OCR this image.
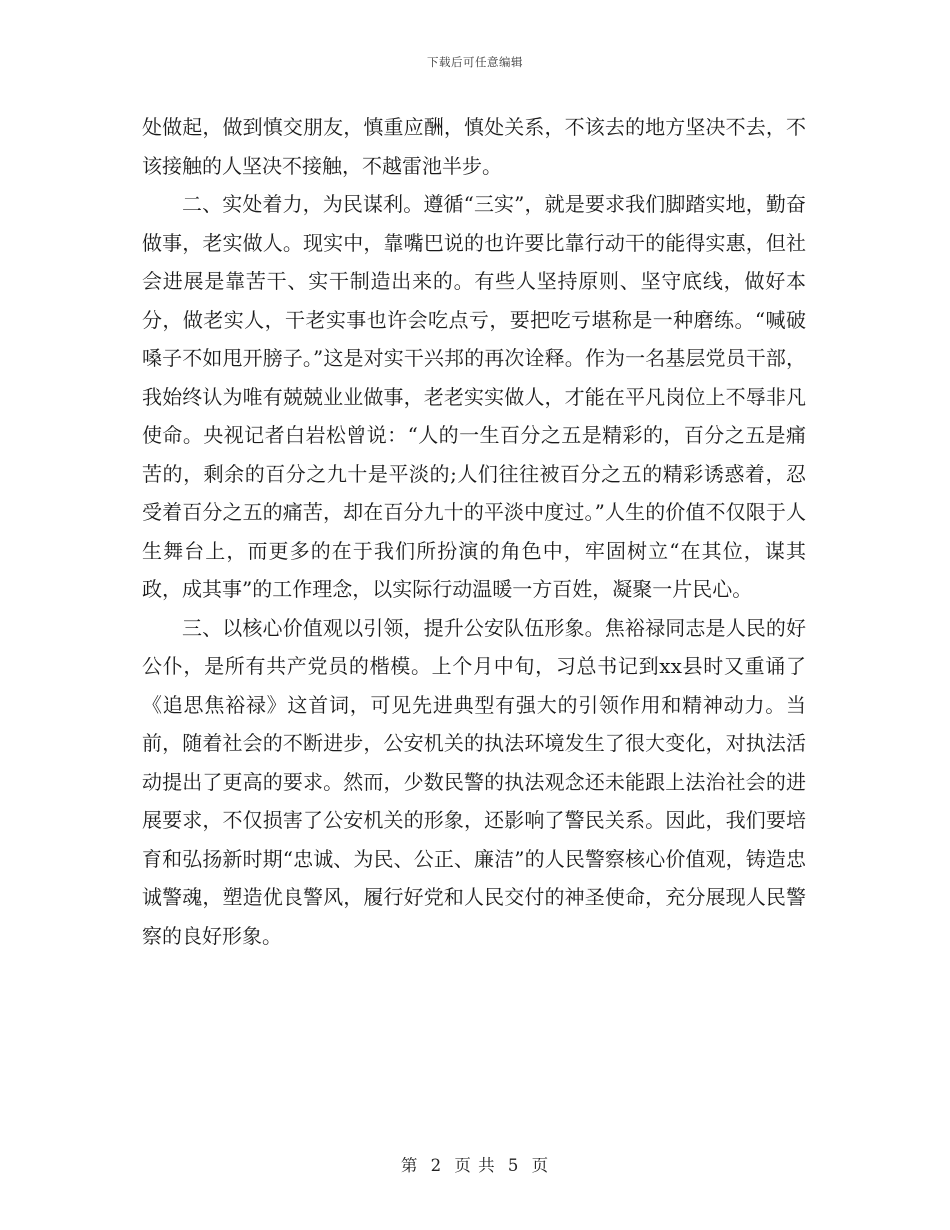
下载后可任意编辑

处做起，做到慎交朋友，慎重应酬，慎处关系，不该去的地方坚决不去，不该接触的人坚决不接触，不越雷池半步。

二、实处着力，为民谋利。遵循“三实”，就是要求我们脚踏实地，勤奋做事，老实做人。现实中，靠嘴巴说的也许要比靠行动干的能得实惠，但社会进展是靠苦干、实干制造出来的。有些人坚持原则、坚守底线，做好本分，做老实人，干老实事也许会吃点亏，要把吃亏堪称是一种磨练。“喊破嗓子不如甩开膀子。”这是对实干兴邦的再次诠释。作为一名基层党员干部，我始终认为唯有兢兢业业做事，老老实实做人，才能在平凡岗位上不辱非凡使命。央视记者白岩松曾说：“人的一生百分之五是精彩的，百分之五是痛苦的，剩余的百分之九十是平淡的;人们往往被百分之五的精彩诱惑着，忍受着百分之五的痛苦，却在百分九十的平淡中度过。”人生的价值不仅限于人生舞台上，而更多的在于我们所扮演的角色中，牢固树立“在其位，谋其政，成其事”的工作理念，以实际行动温暖一方百姓，凝聚一片民心。

三、以核心价值观以引领，提升公安队伍形象。焦裕禄同志是人民的好公仆，是所有共产党员的楷模。上个月中旬，习总书记到xx县时又重诵了《追思焦裕禄》这首词，可见先进典型有强大的引领作用和精神动力。当前，随着社会的不断进步，公安机关的执法环境发生了很大变化，对执法活动提出了更高的要求。然而，少数民警的执法观念还未能跟上法治社会的进展要求，不仅损害了公安机关的形象，还影响了警民关系。因此，我们要培育和弘扬新时期“忠诚、为民、公正、廉洁”的人民警察核心价值观，铸造忠诚警魂，塑造优良警风，履行好党和人民交付的神圣使命，充分展现人民警察的良好形象。

第 2 页 共 5 页
